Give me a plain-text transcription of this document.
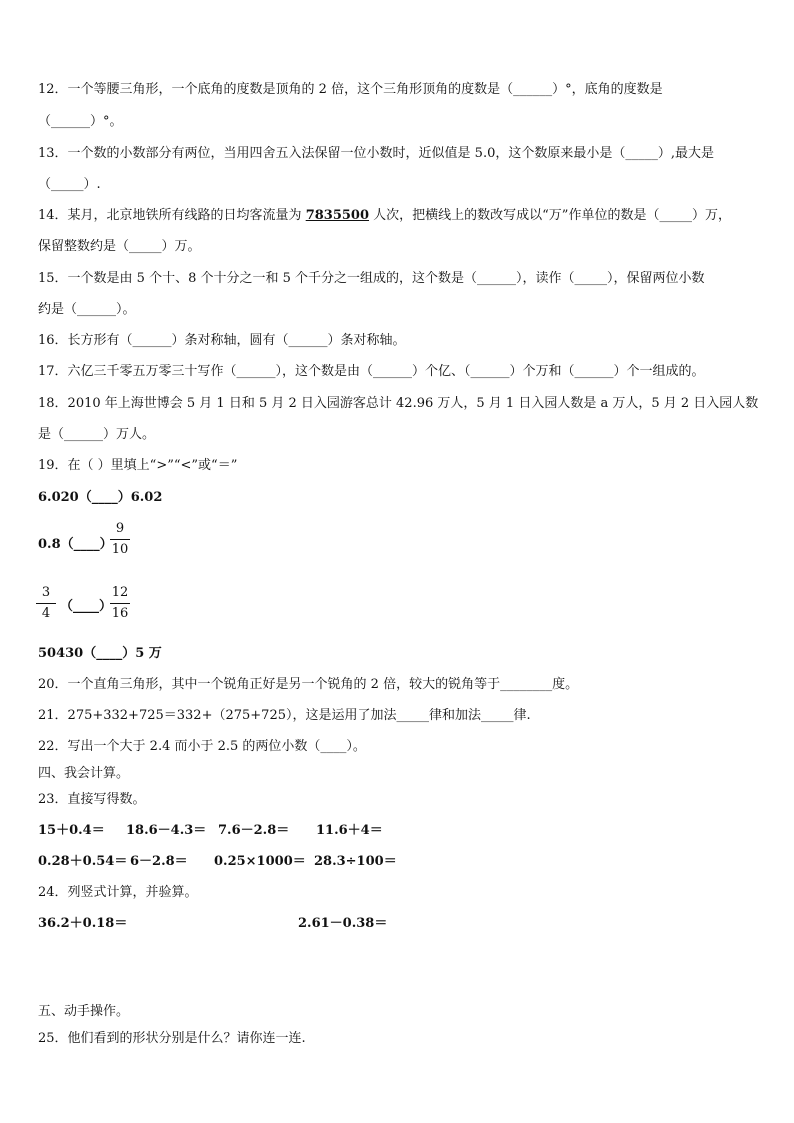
12．一个等腰三角形，一个底角的度数是顶角的 2 倍，这个三角形顶角的度数是（______）°，底角的度数是
（______）°。
13．一个数的小数部分有两位，当用四舍五入法保留一位小数时，近似值是 5.0，这个数原来最小是（_____）,最大是
（_____）.
14．某月，北京地铁所有线路的日均客流量为 7835500 人次，把横线上的数改写成以“万”作单位的数是（_____）万，
保留整数约是（_____）万。
15．一个数是由 5 个十、8 个十分之一和 5 个千分之一组成的，这个数是（______），读作（_____），保留两位小数
约是（______）。
16．长方形有（______）条对称轴，圆有（______）条对称轴。
17．六亿三千零五万零三十写作（______），这个数是由（______）个亿、（______）个万和（______）个一组成的。
18．2010 年上海世博会 5 月 1 日和 5 月 2 日入园游客总计 42.96 万人，5 月 1 日入园人数是 a 万人，5 月 2 日入园人数
是（______）万人。
19．在（ ）里填上“>”“<”或“＝”
6.020（____）6.02
0.8（____）
9
10
3
4 （____）
12
16
50430（____）5 万
20．一个直角三角形，其中一个锐角正好是另一个锐角的 2 倍，较大的锐角等于________度。
21．275+332+725＝332+（275+725），这是运用了加法_____律和加法_____律.
22．写出一个大于 2.4 而小于 2.5 的两位小数（____）。
四、我会计算。
23．直接写得数。
15＋0.4＝ 18.6－4.3＝ 7.6－2.8＝ 11.6＋4＝
0.28＋0.54＝ 6－2.8＝ 0.25×1000＝ 28.3÷100＝
24．列竖式计算，并验算。
36.2＋0.18＝	2.61－0.38＝
五、动手操作。
25．他们看到的形状分别是什么？请你连一连.
